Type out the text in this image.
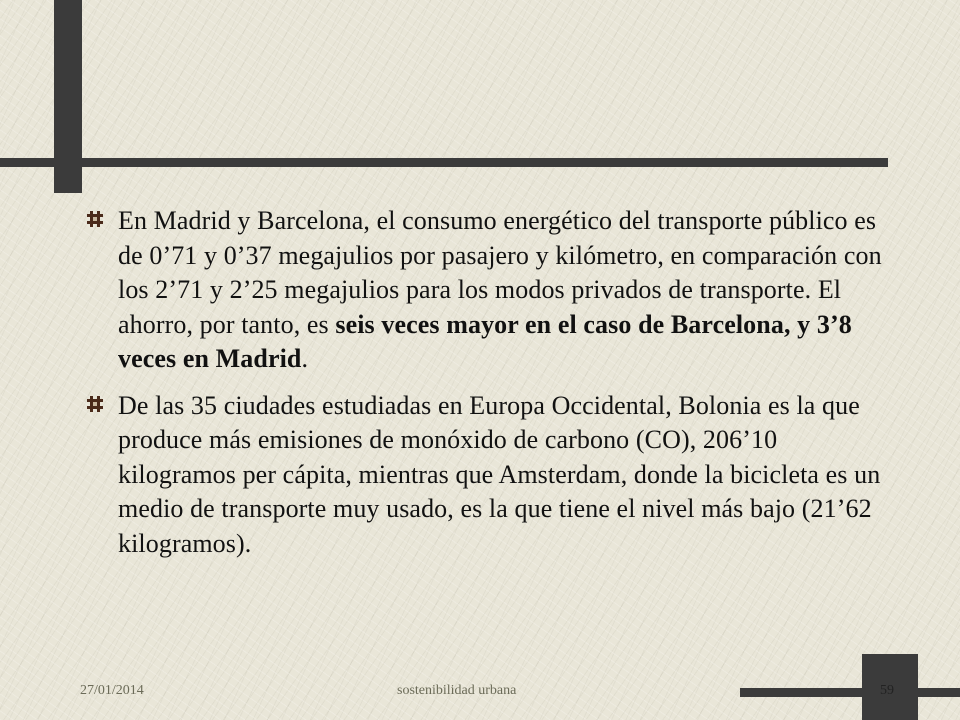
En Madrid y Barcelona, el consumo energético del transporte público es de 0’71 y 0’37 megajulios por pasajero y kilómetro, en comparación con los 2’71 y 2’25 megajulios para los modos privados de transporte. El ahorro, por tanto, es seis veces mayor en el caso de Barcelona, y 3’8 veces en Madrid.
De las 35 ciudades estudiadas en Europa Occidental, Bolonia es la que produce más emisiones de monóxido de carbono (CO), 206’10 kilogramos per cápita, mientras que Amsterdam, donde la bicicleta es un medio de transporte muy usado, es la que tiene el nivel más bajo (21’62 kilogramos).
27/01/2014	sostenibilidad urbana	59
